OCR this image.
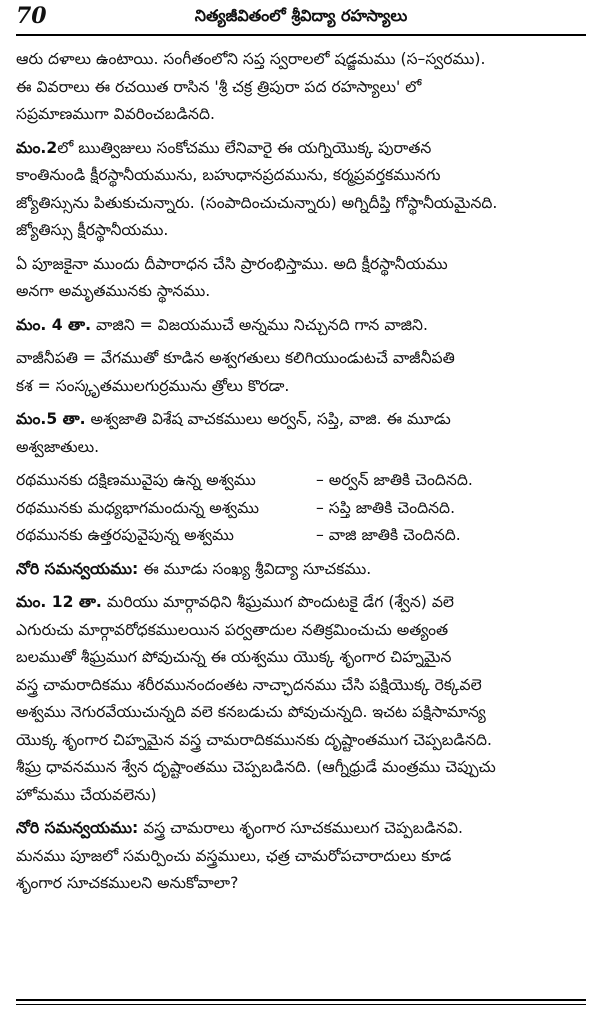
70	నిత్యజీవితంలో శ్రీవిద్యా రహస్యాలు

ఆరు దళాలు ఉంటాయి. సంగీతంలోని సప్త స్వరాలలో షడ్జమము (స–స్వరము).
ఈ వివరాలు ఈ రచయిత రాసిన 'శ్రీ చక్ర త్రిపురా పద రహస్యాలు' లో
సప్రమాణముగా వివరించబడినది.

మం.2లో ఋత్విజులు సంకోచము లేనివారై ఈ యగ్నియొక్క పురాతన
కాంతినుండి క్షీరస్థానీయమును, బహుధానప్రదమును, కర్మప్రవర్తకమునగు
జ్యోతిస్సును పితుకుచున్నారు. (సంపాదించుచున్నారు) అగ్నిదీప్తి గోస్థానీయమైనది.
జ్యోతిస్సు క్షీరస్థానీయము.

ఏ పూజకైనా ముందు దీపారాధన చేసి ప్రారంభిస్తాము. అది క్షీరస్థానీయము
అనగా అమృతమునకు స్థానము.

మం. 4 తా. వాజిని = విజయముచే అన్నము నిచ్చునది గాన వాజిని.

వాజీనీపతి = వేగముతో కూడిన అశ్వగతులు కలిగియుండుటచే వాజీనీపతి
కశ = సంస్కృతములగుర్రమును త్రోలు కొరడా.

మం.5 తా. అశ్వజాతి విశేష వాచకములు అర్వన్, సప్తి, వాజి. ఈ మూడు
అశ్వజాతులు.

రథమునకు దక్షిణమువైపు ఉన్న అశ్వము	– అర్వన్ జాతికి చెందినది.
రథమునకు మధ్యభాగమందున్న అశ్వము	– సప్తి జాతికి చెందినది.
రథమునకు ఉత్తరపువైపున్న అశ్వము	– వాజి జాతికి చెందినది.

నోరి సమన్వయము: ఈ మూడు సంఖ్య శ్రీవిద్యా సూచకము.

మం. 12 తా. మరియు మార్గావధిని శీఘ్రముగ పొందుటకై డేగ (శ్వేన) వలె
ఎగురుచు మార్గావరోధకములయిన పర్వతాదుల నతిక్రమించుచు అత్యంత
బలముతో శీఘ్రముగ పోవుచున్న ఈ యశ్వము యొక్క శృంగార చిహ్నమైన
వస్త్ర చామరాదికము శరీరమునందంతట నాచ్ఛాదనము చేసి పక్షియొక్క రెక్కవలె
అశ్వము నెగురవేయుచున్నది వలె కనబడుచు పోవుచున్నది. ఇచట పక్షిసామాన్య
యొక్క శృంగార చిహ్నమైన వస్త్ర చామరాదికమునకు దృష్టాంతముగ చెప్పబడినది.
శీఘ్ర ధావనమున శ్వేన దృష్టాంతము చెప్పబడినది. (ఆగ్నీధ్రుడే మంత్రము చెప్పుచు
హోమము చేయవలెను)

నోరి సమన్వయము: వస్త్ర చామరాలు శృంగార సూచకములుగ చెప్పబడినవి.
మనము పూజలో సమర్పించు వస్త్రములు, ఛత్ర చామరోపచారాదులు కూడ
శృంగార సూచకములని అనుకోవాలా?
